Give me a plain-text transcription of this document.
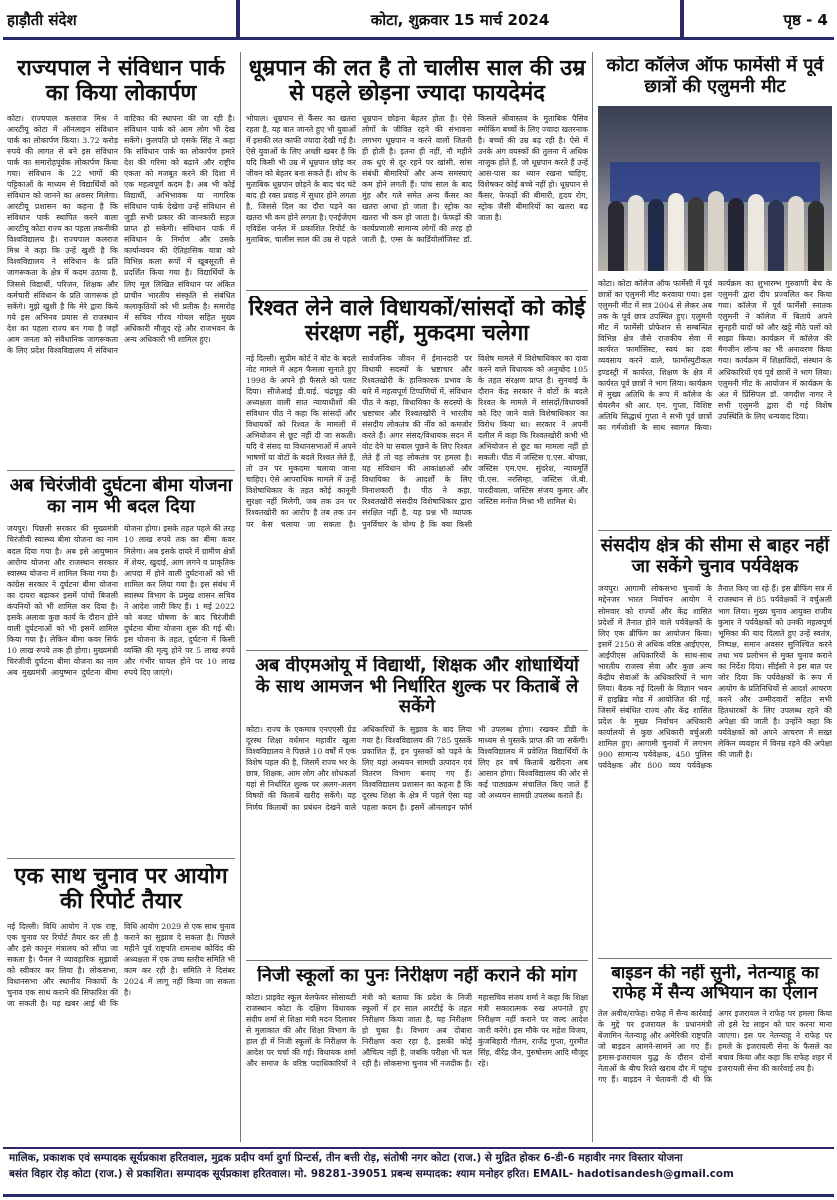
हाड़ौती संदेश	कोटा, शुक्रवार 15 मार्च 2024	पृष्ठ - 4
राज्यपाल ने संविधान पार्क का किया लोकार्पण
कोटा। राज्यपाल कलराज मिश्र ने आरटीयू कोटा में ऑनलाइन संविधान पार्क का लोकार्पण किया। 3.72 करोड़ रुपये की लागत से बने इस संविधान पार्क का समारोहपूर्वक लोकार्पण किया गया। संविधान के 22 भागों की पट्टिकाओं के माध्यम से विद्यार्थियों को संविधान को जानने का अवसर मिलेगा। आरटीयू प्रशासन का कहना है कि संविधान पार्क स्थापित करने वाला आरटीयू कोटा राज्य का पहला तकनीकी विश्वविद्यालय है। राज्यपाल कलराज मिश्र ने कहा कि उन्हें खुशी है कि विश्वविद्यालय ने संविधान के प्रति जागरूकता के क्षेत्र में कदम उठाया है, जिससे विद्यार्थी, परिजन, शिक्षक और कर्मचारी संविधान के प्रति जागरूक हो सकेंगे। मुझे खुशी है कि मेरे द्वारा किये गये इस अभिनव प्रयास से राजस्थान देश का पहला राज्य बन गया है जहाँ आम जनता को संवैधानिक जागरूकता के लिए प्रदेश विश्वविद्यालय में संविधान वाटिका की स्थापना की जा रही है। संविधान पार्क को आम लोग भी देख सकेंगे। कुलपति प्रो एसके सिंह ने कहा कि संविधान पार्क का लोकार्पण हमारे देश की गरिमा को बढ़ाने और राष्ट्रीय एकता को मजबूत करने की दिशा में एक महत्वपूर्ण कदम है। अब भी कोई विद्यार्थी, अभिभावक या नागरिक संविधान पार्क देखेगा उन्हें संविधान से जुड़ी सभी प्रकार की जानकारी सहज प्राप्त हो सकेगी। संविधान पार्क में संविधान के निर्माण और उसके कार्यान्वयन की ऐतिहासिक यात्रा को विभिन्न कला रूपों में खूबसूरती से प्रदर्शित किया गया है। विद्यार्थियों के लिए मूल लिखित संविधान पर अंकित प्राचीन भारतीय संस्कृति से संबंधित कलाकृतियों को भी प्रतीक है। समारोह में सचिव गौरव गोयल सहित मुख्य अधिकारी मौजूद रहे और राजभवन के अन्य अधिकारी भी शामिल हुए।
अब चिरंजीवी दुर्घटना बीमा योजना का नाम भी बदल दिया
जयपुर। पिछली सरकार की मुख्यमंत्री चिरंजीवी स्वास्थ्य बीमा योजना का नाम बदल दिया गया है। अब इसे आयुष्मान आरोग्य योजना और राजस्थान सरकार स्वास्थ्य योजना में शामिल किया गया है। कांग्रेस सरकार ने दुर्घटना बीमा योजना का दायरा बढ़ाकर इसमें पांचों बिजली कंपनियों को भी शामिल कर दिया है। इसके अलावा कुछ कार्य के दौरान होने वाली दुर्घटनाओं को भी इसमें शामिल किया गया है। लेकिन बीमा कवर सिर्फ 10 लाख रुपये तक ही होगा। मुख्यमंत्री चिरंजीवी दुर्घटना बीमा योजना का नाम अब मुख्यमंत्री आयुष्मान दुर्घटना बीमा योजना होगा। इसके तहत पहले की तरह 10 लाख रुपये तक का बीमा कवर मिलेगा। अब इसके दायरे में ग्रामीण क्षेत्रों में शेयर, खुदाई, आग लगने व प्राकृतिक आपदा में होने वाली दुर्घटनाओं को भी शामिल कर लिया गया है। इस संबंध में स्वास्थ्य विभाग के प्रमुख शासन सचिव ने आदेश जारी किए हैं। 1 मई 2022 को बजट घोषणा के बाद चिरंजीवी दुर्घटना बीमा योजना शुरू की गई थी। इस योजना के तहत, दुर्घटना में किसी व्यक्ति की मृत्यु होने पर 5 लाख रुपये और गंभीर घायल होने पर 10 लाख रुपये दिए जाएंगे।
एक साथ चुनाव पर आयोग की रिपोर्ट तैयार
नई दिल्ली। विधि आयोग ने एक राष्ट्र, एक चुनाव पर रिपोर्ट तैयार कर ली है और इसे कानून मंत्रालय को सौंपा जा सकता है। पैनल ने व्यावहारिक सुझावों को स्वीकार कर लिया है। लोकसभा, विधानसभा और स्थानीय निकायों के चुनाव एक साथ कराने की सिफारिश की जा सकती है। यह खबर आई थी कि विधि आयोग 2029 से एक साथ चुनाव कराने का सुझाव दे सकता है। पिछले महीने पूर्व राष्ट्रपति रामनाथ कोविंद की अध्यक्षता में एक उच्च स्तरीय समिति भी काम कर रही है। समिति ने दिसंबर 2024 में लागू नहीं किया जा सकता है।
धूम्रपान की लत है तो चालीस साल की उम्र से पहले छोड़ना ज्यादा फायदेमंद
भोपाल। धूम्रपान से कैंसर का खतरा रहता है, यह बात जानते हुए भी युवाओं में इसकी लत काफी ज्यादा देखी गई है। ऐसे युवाओं के लिए अच्छी खबर है कि यदि किसी भी उम्र में धूम्रपान छोड़ कर जीवन को बेहतर बना सकते हैं। शोध के मुताबिक धूम्रपान छोड़ने के बाद चंद घंटे बाद ही रक्त प्रवाह में सुधार होने लगता है, जिससे दिल का दौरा पड़ने का खतरा भी कम होने लगता है। एनईजेएम एविडेंस जर्नल में प्रकाशित रिपोर्ट के मुताबिक, चालीस साल की उम्र से पहले धूम्रपान छोड़ना बेहतर होता है। ऐसे लोगों के जीवित रहने की संभावना लगभग धूम्रपान न करने वालों जितनी ही होती है। इतना ही नहीं, नौ महीने तक धुएं से दूर रहने पर खांसी, सांस संबंधी बीमारियों और अन्य समस्याएं कम होने लगती हैं। पांच साल के बाद मुंह और गले समेत अन्य कैंसर का खतरा आधा हो जाता है। स्ट्रोक का खतरा भी कम हो जाता है। फेफड़ों की कार्यप्रणाली सामान्य लोगों की तरह हो जाती है, एम्स के कार्डियोलॉजिस्ट डॉ. किसले श्रीवास्तव के मुताबिक पैसिव स्मोकिंग बच्चों के लिए ज्यादा खतरनाक है। बच्चों की उम्र बढ़ रही है। ऐसे में उनके अंग वयस्कों की तुलना में अधिक नाजुक होते हैं, जो धूम्रपान करते हैं उन्हें आस-पास का ध्यान रखना चाहिए, विशेषकर कोई बच्चे नहीं हो। धूम्रपान से कैंसर, फेफड़ों की बीमारी, हृदय रोग, स्ट्रोक जैसी बीमारियों का खतरा बढ़ जाता है।
रिश्वत लेने वाले विधायकों/सांसदों को कोई संरक्षण नहीं, मुकदमा चलेगा
नई दिल्ली। सुप्रीम कोर्ट ने वोट के बदले नोट मामले में अहम फैसला सुनाते हुए 1998 के अपने ही फैसले को पलट दिया। सीजेआई डी.वाई. चंद्रचूड़ की अध्यक्षता वाली सात न्यायाधीशों की संविधान पीठ ने कहा कि सांसदों और विधायकों को रिश्वत के मामलों में अभियोजन से छूट नहीं दी जा सकती। यदि वे संसद या विधानसभाओं में अपने भाषणों या वोटों के बदले रिश्वत लेते हैं, तो उन पर मुकदमा चलाया जाना चाहिए। ऐसे आपराधिक मामले में उन्हें विशेषाधिकार के तहत कोई कानूनी सुरक्षा नहीं मिलेगी, जब तक उन पर रिश्वतखोरी का आरोप है तब तक उन पर केस चलाया जा सकता है। सार्वजनिक जीवन में ईमानदारी पर विधायी सदस्यों के भ्रष्टाचार और रिश्वतखोरी के हानिकारक प्रभाव के बारे में महत्वपूर्ण टिप्पणियों में, संविधान पीठ ने कहा, विधायिका के सदस्यों के भ्रष्टाचार और रिश्वतखोरी ने भारतीय संसदीय लोकतंत्र की नींव को कमजोर करते हैं। अगर संसद/विधायक सदन में वोट देने या सवाल पूछने के लिए रिश्वत लेते हैं तो यह लोकतंत्र पर हमला है। यह संविधान की आकांक्षाओं और विधायिका के आदर्शों के लिए विनाशकारी है। पीठ ने कहा, रिश्वतखोरी संसदीय विशेषाधिकार द्वारा संरक्षित नहीं है, यह प्रश्न भी व्यापक पुनर्विचार के योग्य है कि क्या किसी विशेष मामले में विशेषाधिकार का दावा करने वाले विधायक को अनुच्छेद 105 के तहत संरक्षण प्राप्त है। सुनवाई के दौरान केंद्र सरकार ने वोटों के बदले रिश्वत के मामले में सांसदों/विधायकों को दिए जाने वाले विशेषाधिकार का विरोध किया था। सरकार ने अपनी दलील में कहा कि रिश्वतखोरी कभी भी अभियोजन से छूट का मामला नहीं हो सकती। पीठ में जस्टिस ए.एस. बोपन्ना, जस्टिस एम.एम. सुंदरेश, न्यायमूर्ति पी.एस. नरसिम्हा, जस्टिस जे.बी. पारदीवाला, जस्टिस संजय कुमार और जस्टिस मनोज मिश्रा भी शामिल थे।
अब वीएमओयू में विद्यार्थी, शिक्षक और शोधार्थियों के साथ आमजन भी निर्धारित शुल्क पर किताबें ले सकेंगे
कोटा। राज्य के एकमात्र एनएएसी ग्रेड दूरस्थ शिक्षा वर्धमान महावीर खुला विश्वविद्यालय ने पिछले 10 वर्षों में एक विशेष पहल की है, जिसमें राज्य भर के छात्र, शिक्षक, आम लोग और शोधकर्ता यहां से निर्धारित शुल्क पर अलग-अलग विषयों की किताबें खरीद सकेंगे। यह निर्णय किताबों का प्रबंधन देखने वाले अधिकारियों के सुझाव के बाद लिया गया है। विश्वविद्यालय की 785 पुस्तकें प्रकाशित हैं, इन पुस्तकों को पढ़ने के लिए यहां अध्ययन सामग्री उत्पादन एवं वितरण विभाग बनाए गए हैं। विश्वविद्यालय प्रशासन का कहना है कि दूरस्थ शिक्षा के क्षेत्र में पहले ऐसा यह पहला कदम है। इसमें ऑनलाइन फॉर्म भी उपलब्ध होगा। रखकर डीडी के माध्यम से पुस्तकें प्राप्त की जा सकेंगी। विश्वविद्यालय में प्रवेशित विद्यार्थियों के लिए हर वर्ष किताबें खरीदना अब आसान होगा। विश्वविद्यालय की ओर से कई पाठ्यक्रम संचालित किए जाते हैं जो अध्ययन सामग्री उपलब्ध कराते हैं।
निजी स्कूलों का पुनः निरीक्षण नहीं कराने की मांग
कोटा। प्राइवेट स्कूल वेलफेयर सोसायटी राजस्थान कोटा के दक्षिण विधायक संदीप शर्मा से शिक्षा मंत्री मदन दिलावर से मुलाकात की और शिक्षा विभाग के हाल ही में निजी स्कूलों के निरीक्षण के आदेश पर चर्चा की गई। विधायक शर्मा और समाज के वरिष्ठ पदाधिकारियों ने मंत्री को बताया कि प्रदेश के निजी स्कूलों में हर साल आरटीई के तहत निरीक्षण किया जाता है, यह निरीक्षण हो चुका है। विभाग अब दोबारा निरीक्षण करा रहा है, इसकी कोई औचित्य नहीं है, जबकि परीक्षा भी चल रही है। लोकसभा चुनाव भी नजदीक है। महासचिव संजय शर्मा ने कहा कि शिक्षा मंत्री सकारात्मक रुख अपनाते हुए निरीक्षण नहीं कराने पर जल्द आदेश जारी करेंगे। इस मौके पर महेश विजय, कुंजबिहारी गौतम, राजेंद्र गुप्ता, गुरमीत सिंह, वीरेंद्र जैन, पुरुषोत्तम आदि मौजूद रहे।
कोटा कॉलेज ऑफ फार्मेसी में पूर्व छात्रों की एलुमनी मीट
कोटा। कोटा कॉलेज ऑफ फार्मेसी में पूर्व छात्रों का एलुमनी मीट करवाया गया। इस एलुमनी मीट में सत्र 2004 से लेकर अब तक के पूर्व छात्र उपस्थित हुए। एलुमनी मीट में फार्मेसी प्रोफेशन से सम्बन्धित विभिन्न क्षेत्र जैसे राजकीय सेवा में कार्यरत फार्मासिस्ट, स्वयं का दवा व्यवसाय करने वाले, फार्मास्युटीकल इण्डस्ट्री में कार्यरत, शिक्षण के क्षेत्र में कार्यरत पूर्व छात्रों ने भाग लिया। कार्यक्रम में मुख्य अतिथि के रूप में कॉलेज के चेयरमैन श्री आर. एन. गुप्ता, विशिष्ट अतिथि सिद्धार्थ गुप्ता ने सभी पूर्व छात्रों का गर्मजोशी के साथ स्वागत किया। कार्यक्रम का शुभारम्भ गुरुवाणी बेच के एलुमनी द्वारा दीप प्रज्वलित कर किया गया। कॉलेज में पूर्व फार्मेसी स्नातक एलुमनी ने कॉलेज में बिताये अपने सुनहरी यादों को और खट्टे मीठे पलों को साझा किया। कार्यक्रम में कॉलेज की मैगजीन लॉन्च का भी अनावरण किया गया। कार्यक्रम में शिक्षाविदों, संस्थान के अधिकारियों एवं पूर्व छात्रों ने भाग लिया। एलुमनी मीट के आयोजन में कार्यक्रम के अंत में प्रिंसिपल डॉ. जगदीश नागर ने सभी एलुमनी द्वारा दी गई विशेष उपस्थिति के लिए धन्यवाद दिया।
संसदीय क्षेत्र की सीमा से बाहर नहीं जा सकेंगे चुनाव पर्यवेक्षक
जयपुर। आगामी लोकसभा चुनावों के मद्देनजर भारत निर्वाचन आयोग ने सोमवार को राज्यों और केंद्र शासित प्रदेशों में तैनात होने वाले पर्यवेक्षकों के लिए एक ब्रीफिंग का आयोजन किया। इसमें 2150 से अधिक वरिष्ठ आईएएस, आईपीएस अधिकारियों के साथ-साथ भारतीय राजस्व सेवा और कुछ अन्य केंद्रीय सेवाओं के अधिकारियों ने भाग लिया। बैठक नई दिल्ली के विज्ञान भवन में हाइब्रिड मोड में आयोजित की गई, जिसमें संबंधित राज्य और केंद्र शासित प्रदेश के मुख्य निर्वाचन अधिकारी कार्यालयों से कुछ अधिकारी वर्चुअली शामिल हुए। आगामी चुनावों में लगभग 900 सामान्य पर्यवेक्षक, 450 पुलिस पर्यवेक्षक और 800 व्यय पर्यवेक्षक तैनात किए जा रहे हैं। इस ब्रीफिंग सत्र में राजस्थान से 85 पर्यवेक्षकों ने वर्चुअली भाग लिया। मुख्य चुनाव आयुक्त राजीव कुमार ने पर्यवेक्षकों को उनकी महत्वपूर्ण भूमिका की याद दिलाते हुए उन्हें स्वतंत्र, निष्पक्ष, समान अवसर सुनिश्चित करने तथा भय प्रलोभन से मुक्त चुनाव कराने का निर्देश दिया। सीईसी ने इस बात पर जोर दिया कि पर्यवेक्षकों के रूप में आयोग के प्रतिनिधियों से आदर्श आचरण करने और उम्मीदवारों सहित सभी हितधारकों के लिए उपलब्ध रहने की अपेक्षा की जाती है। उन्होंने कहा कि पर्यवेक्षकों को अपने आचरण में सख्त लेकिन व्यवहार में विनम्र रहने की अपेक्षा की जाती है।
बाइडन की नहीं सुनी, नेतन्याहू का राफेह में सैन्य अभियान का ऐलान
तेल अवीव/राफेह। राफेह में सैन्य कार्रवाई के मुद्दे पर इजरायल के प्रधानमंत्री बेंजामिन नेतन्याहू और अमेरिकी राष्ट्रपति जो बाइडन आमने-सामने आ गए हैं। हमास-इजरायल युद्ध के दौरान दोनों नेताओं के बीच रिश्ते खराब दौर में पहुंच गए हैं। बाइडन ने चेतावनी दी थी कि अगर इजरायल ने राफेह पर हमला किया तो इसे रेड लाइन को पार करना माना जाएगा। इस पर नेतन्याहू ने राफेह पर हमले के इजरायली सेना के फैसले का बचाव किया और कहा कि राफेह शहर में इजरायली सेना की कार्रवाई तय है।
मालिक, प्रकाशक एवं सम्पादक सूर्यप्रकाश हरितवाल, मुद्रक प्रदीप वर्मा दुर्गा प्रिन्टर्स, तीन बत्ती रोड़, संतोषी नगर कोटा (राज.) से मुद्रित होकर 6-डी-6 महावीर नगर विस्तार योजना
बसंत विहार रोड़ कोटा (राज.) से प्रकाशित। सम्पादक सूर्यप्रकाश हरितवाल। मो. 98281-39051 प्रबन्ध सम्पादक: श्याम मनोहर हरित। EMAIL- hadotisandesh@gmail.com
